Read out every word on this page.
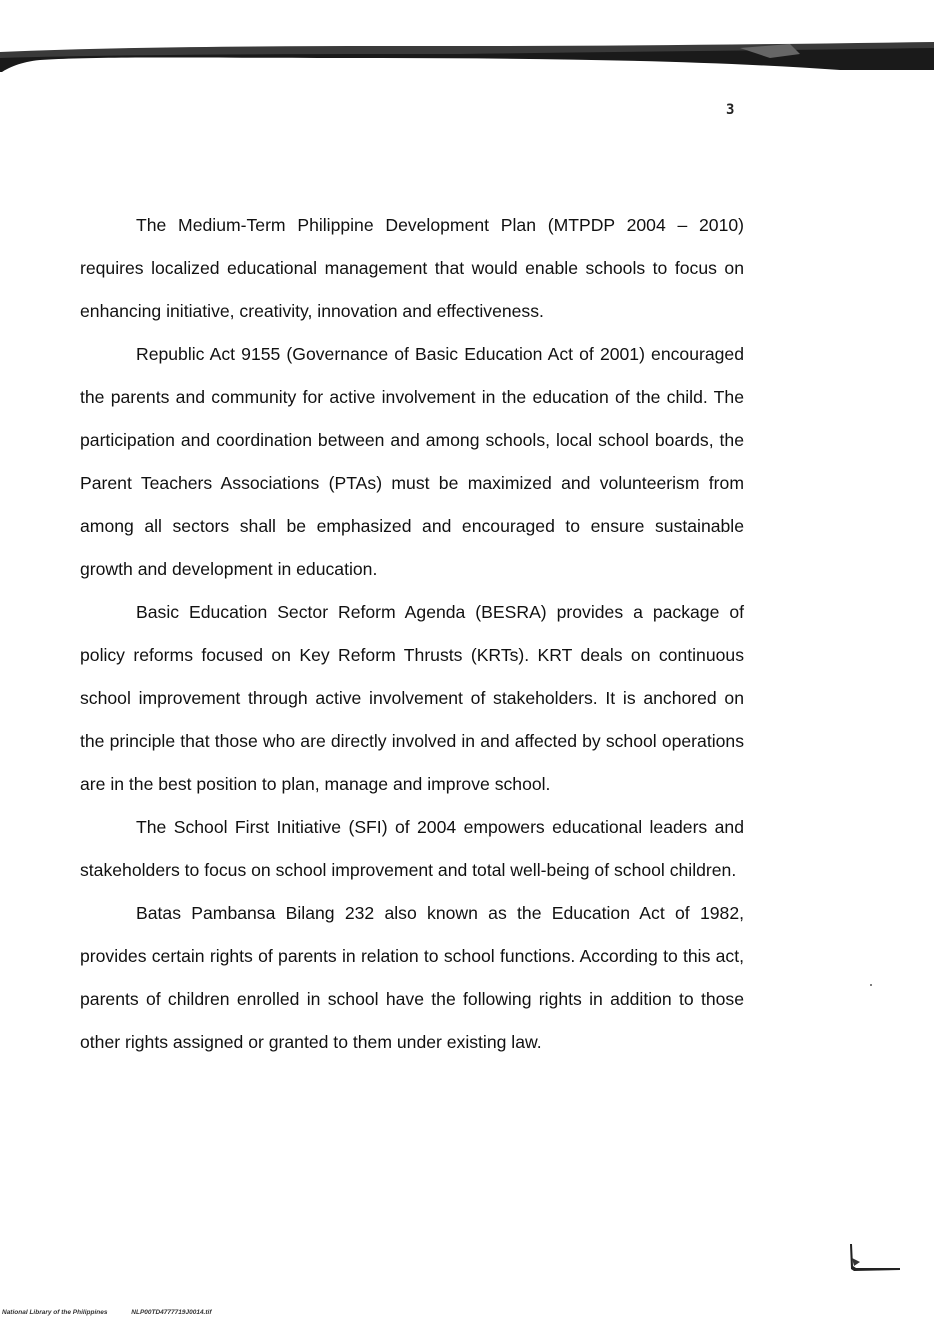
3

The Medium-Term Philippine Development Plan (MTPDP 2004 – 2010) requires localized educational management that would enable schools to focus on enhancing initiative, creativity, innovation and effectiveness.

Republic Act 9155 (Governance of Basic Education Act of 2001) encouraged the parents and community for active involvement in the education of the child. The participation and coordination between and among schools, local school boards, the Parent Teachers Associations (PTAs) must be maximized and volunteerism from among all sectors shall be emphasized and encouraged to ensure sustainable growth and development in education.

Basic Education Sector Reform Agenda (BESRA) provides a package of policy reforms focused on Key Reform Thrusts (KRTs). KRT deals on continuous school improvement through active involvement of stakeholders. It is anchored on the principle that those who are directly involved in and affected by school operations are in the best position to plan, manage and improve school.

The School First Initiative (SFI) of 2004 empowers educational leaders and stakeholders to focus on school improvement and total well-being of school children.

Batas Pambansa Bilang 232 also known as the Education Act of 1982, provides certain rights of parents in relation to school functions. According to this act, parents of children enrolled in school have the following rights in addition to those other rights assigned or granted to them under existing law.

National Library of the Philippines	NLP00TD4777719J0014.tif
